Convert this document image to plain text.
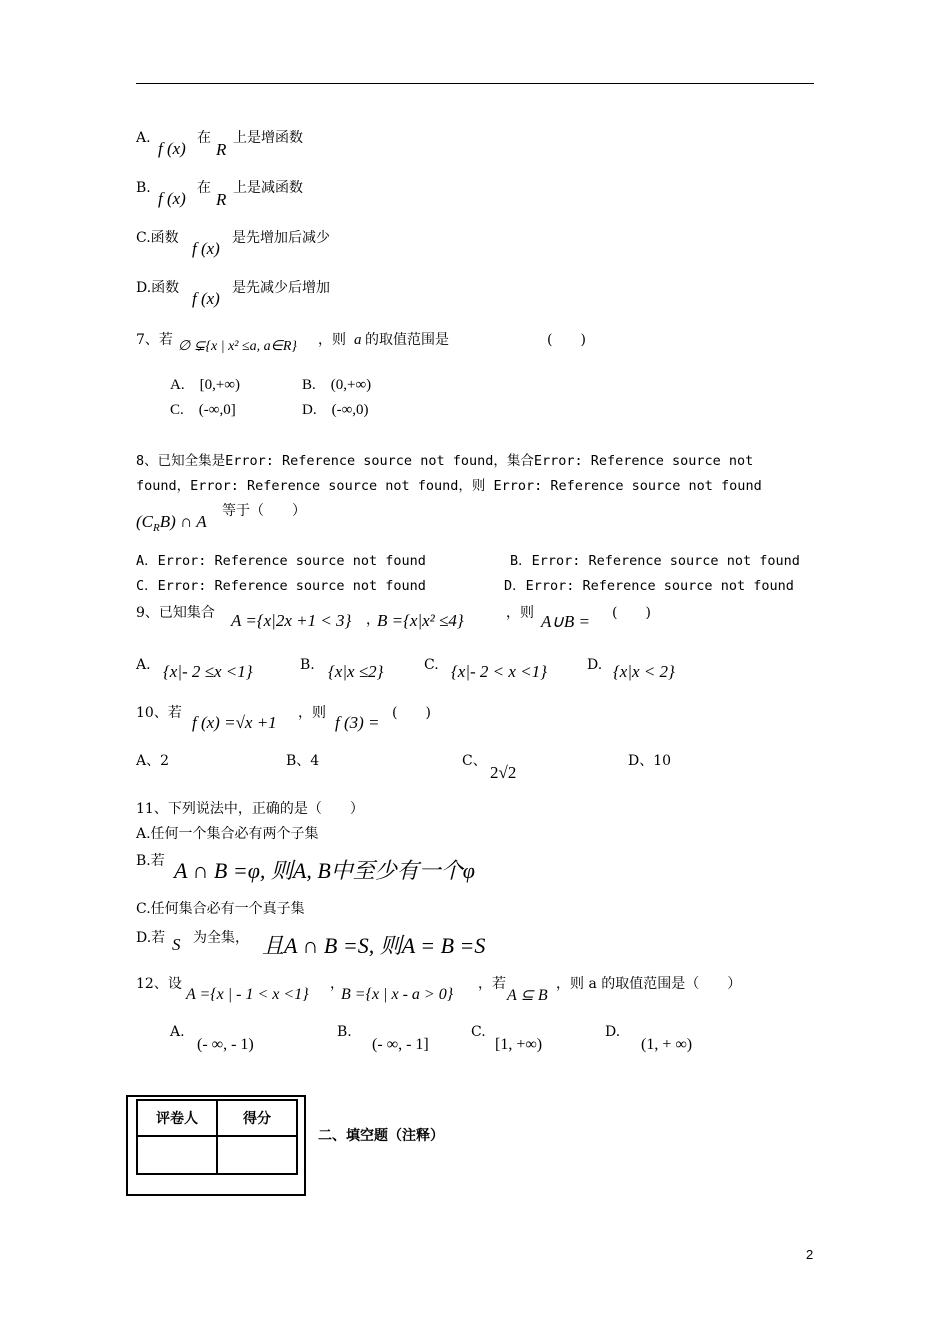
A.
f (x)
在
R
上是增函数
B.
f (x)
在
R
上是减函数
C.函数
f (x)
是先增加后减少
D.函数
f (x)
是先减少后增加
7、若 ∅ ⊊{x | x² ≤a, a∈R} ，则 a 的取值范围是	(　　)
A.　[0,+∞)	B.　(0,+∞)
C.　(-∞,0]	D.　(-∞,0)
8、已知全集是Error: Reference source not found，集合Error: Reference source not
found，Error: Reference source not found，则 Error: Reference source not found
$(C_RB)$ ∩ A
等于（　　）
A．Error: Reference source not found	B．Error: Reference source not found
C．Error: Reference source not found	D．Error: Reference source not found
9、已知集合 A ={x|2x +1 < 3} ，
B ={x|x² ≤4}	，则 A∪B = (　　)
A. {x|- 2 ≤x <1}	B. {x|x ≤2}	C. {x|- 2 < x <1}	D. {x|x < 2}
10、若 f (x) =√x +1 ，则 f (3) = (　　)
A、2	B、4	C、
2√2
D、10
11、下列说法中，正确的是（　　）
A.任何一个集合必有两个子集
B.若 A ∩ B =φ, 则A, B中至少有一个φ
C.任何集合必有一个真子集
D.若 S 为全集， 且A ∩ B =S, 则A = B =S
12、设
A ={x | - 1 < x <1}
，
B ={x | x - a > 0}
，若
A ⊆ B
，则 a 的取值范围是（　　）
A.
(- ∞, - 1)
B.
(- ∞, - 1]
C.
[1, +∞)
D.
(1, + ∞)
评卷人	得分

二、填空题（注释）
2
